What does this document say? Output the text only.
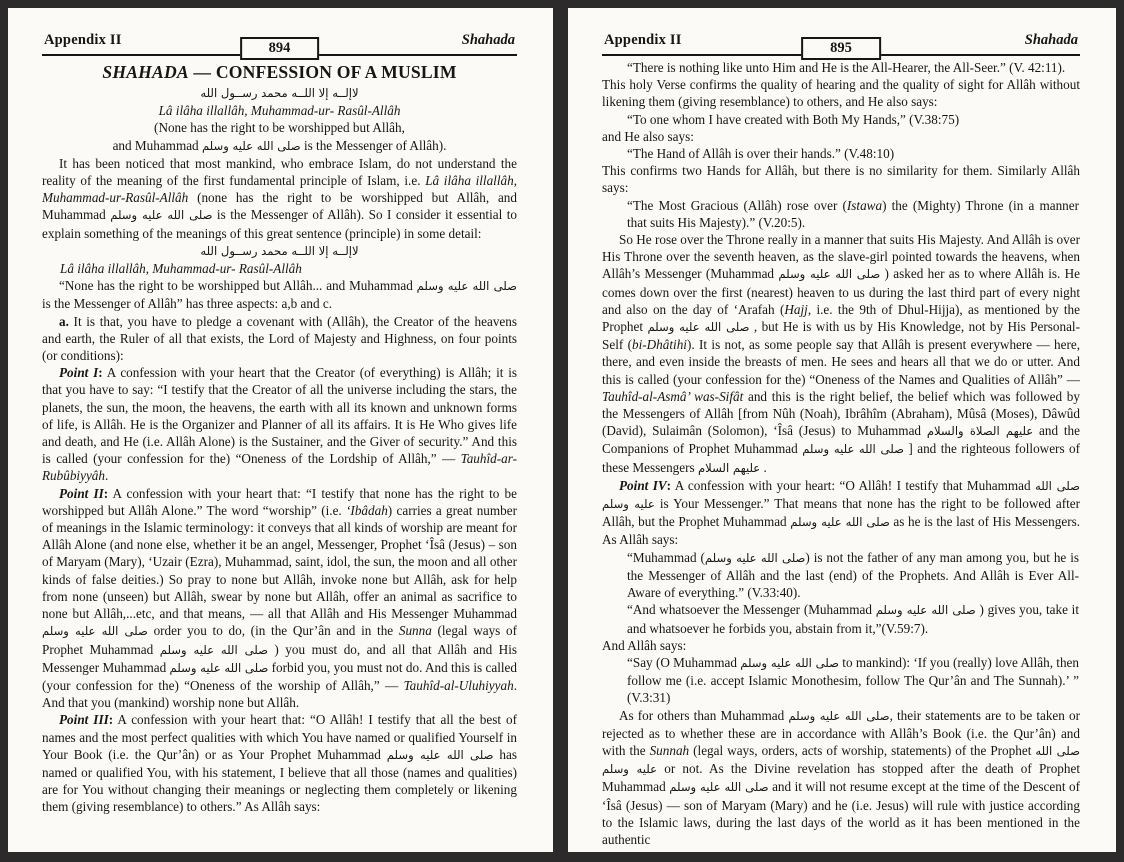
Appendix II	894	Shahada
SHAHADA — CONFESSION OF A MUSLIM
لاإلــه إلا اللــه محمد رســول الله
Lâ ilâha illallâh, Muhammad-ur- Rasûl-Allâh
(None has the right to be worshipped but Allâh,
and Muhammad صلى الله عليه وسلم is the Messenger of Allâh).
It has been noticed that most mankind, who embrace Islam, do not understand the reality of the meaning of the first fundamental principle of Islam, i.e. Lâ ilâha illallâh, Muhammad-ur-Rasûl-Allâh (none has the right to be worshipped but Allâh, and Muhammad صلى الله عليه وسلم is the Messenger of Allâh). So I consider it essential to explain something of the meanings of this great sentence (principle) in some detail:
لاإلــه إلا اللــه محمد رســول الله
Lâ ilâha illallâh, Muhammad-ur- Rasûl-Allâh
“None has the right to be worshipped but Allâh... and Muhammad صلى الله عليه وسلم is the Messenger of Allâh” has three aspects: a,b and c.
a. It is that, you have to pledge a covenant with (Allâh), the Creator of the heavens and earth, the Ruler of all that exists, the Lord of Majesty and Highness, on four points (or conditions):
Point I: A confession with your heart that the Creator (of everything) is Allâh; it is that you have to say: “I testify that the Creator of all the universe including the stars, the planets, the sun, the moon, the heavens, the earth with all its known and unknown forms of life, is Allâh. He is the Organizer and Planner of all its affairs. It is He Who gives life and death, and He (i.e. Allâh Alone) is the Sustainer, and the Giver of security.” And this is called (your confession for the) “Oneness of the Lordship of Allâh,” — Tauhîd-ar-Rubûbiyyâh.
Point II: A confession with your heart that: “I testify that none has the right to be worshipped but Allâh Alone.” The word “worship” (i.e. ‘Ibâdah) carries a great number of meanings in the Islamic terminology: it conveys that all kinds of worship are meant for Allâh Alone (and none else, whether it be an angel, Messenger, Prophet ‘Îsâ (Jesus) – son of Maryam (Mary), ‘Uzair (Ezra), Muhammad, saint, idol, the sun, the moon and all other kinds of false deities.) So pray to none but Allâh, invoke none but Allâh, ask for help from none (unseen) but Allâh, swear by none but Allâh, offer an animal as sacrifice to none but Allâh,...etc, and that means, — all that Allâh and His Messenger Muhammad صلى الله عليه وسلم order you to do, (in the Qur’ân and in the Sunna (legal ways of Prophet Muhammad صلى الله عليه وسلم ) you must do, and all that Allâh and His Messenger Muhammad صلى الله عليه وسلم forbid you, you must not do. And this is called (your confession for the) “Oneness of the worship of Allâh,” — Tauhîd-al-Uluhiyyah. And that you (mankind) worship none but Allâh.
Point III: A confession with your heart that: “O Allâh! I testify that all the best of names and the most perfect qualities with which You have named or qualified Yourself in Your Book (i.e. the Qur’ân) or as Your Prophet Muhammad صلى الله عليه وسلم has named or qualified You, with his statement, I believe that all those (names and qualities) are for You without changing their meanings or neglecting them completely or likening them (giving resemblance) to others.” As Allâh says:
Appendix II	895	Shahada
“There is nothing like unto Him and He is the All-Hearer, the All-Seer.” (V. 42:11).
This holy Verse confirms the quality of hearing and the quality of sight for Allâh without likening them (giving resemblance) to others, and He also says:
“To one whom I have created with Both My Hands,” (V.38:75)
and He also says:
“The Hand of Allâh is over their hands.” (V.48:10)
This confirms two Hands for Allâh, but there is no similarity for them. Similarly Allâh says:
“The Most Gracious (Allâh) rose over (Istawa) the (Mighty) Throne (in a manner that suits His Majesty).” (V.20:5).
So He rose over the Throne really in a manner that suits His Majesty. And Allâh is over His Throne over the seventh heaven, as the slave-girl pointed towards the heavens, when Allâh’s Messenger (Muhammad صلى الله عليه وسلم ) asked her as to where Allâh is. He comes down over the first (nearest) heaven to us during the last third part of every night and also on the day of ‘Arafah (Hajj, i.e. the 9th of Dhul-Hijja), as mentioned by the Prophet صلى الله عليه وسلم , but He is with us by His Knowledge, not by His Personal-Self (bi-Dhâtihi). It is not, as some people say that Allâh is present everywhere — here, there, and even inside the breasts of men. He sees and hears all that we do or utter. And this is called (your confession for the) “Oneness of the Names and Qualities of Allâh” — Tauhîd-al-Asmâ’ was-Sifât and this is the right belief, the belief which was followed by the Messengers of Allâh [from Nûh (Noah), Ibrâhîm (Abraham), Mûsâ (Moses), Dâwûd (David), Sulaimân (Solomon), ‘Îsâ (Jesus) to Muhammad عليهم الصلاة والسلام and the Companions of Prophet Muhammad	صلى الله عليه وسلم	] and the righteous followers of these Messengers عليهم السلام .
Point IV: A confession with your heart: “O Allâh! I testify that Muhammad صلى الله عليه وسلم is Your Messenger.” That means that none has the right to be followed after Allâh, but the Prophet Muhammad صلى الله عليه وسلم as he is the last of His Messengers. As Allâh says:
“Muhammad (صلى الله عليه وسلم) is not the father of any man among you, but he is the Messenger of Allâh and the last (end) of the Prophets. And Allâh is Ever All-Aware of everything.” (V.33:40).
“And whatsoever the Messenger (Muhammad صلى الله عليه وسلم ) gives you, take it and whatsoever he forbids you, abstain from it,”(V.59:7).
And Allâh says:
“Say (O Muhammad صلى الله عليه وسلم to mankind): ‘If you (really) love Allâh, then follow me (i.e. accept Islamic Monothesim, follow The Qur’ân and The Sunnah).’ ” (V.3:31)
As for others than Muhammad صلى الله عليه وسلم, their statements are to be taken or rejected as to whether these are in accordance with Allâh’s Book (i.e. the Qur’ân) and with the Sunnah (legal ways, orders, acts of worship, statements) of the Prophet صلى الله عليه وسلم or not. As the Divine revelation has stopped after the death of Prophet Muhammad صلى الله عليه وسلم and it will not resume except at the time of the Descent of ‘Îsâ (Jesus) — son of Maryam (Mary) and he (i.e. Jesus) will rule with justice according to the Islamic laws, during the last days of the world as it has been mentioned in the authentic
